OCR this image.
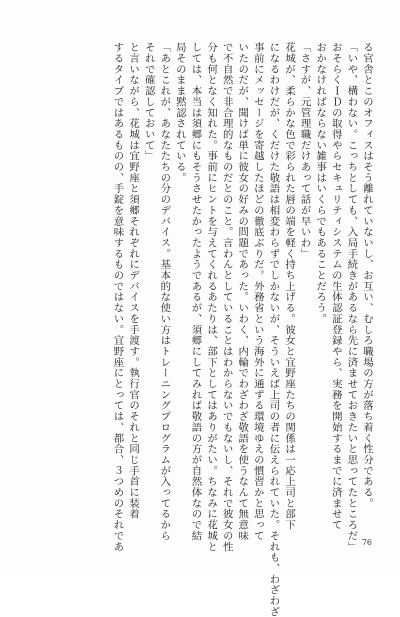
る官舎とこのオフィスはそう離れていないし、お互い、むしろ職場の方が落ち着く性分である。

「いや、構わない。こっちとしても、入局手続きがあるなら先に済ませておきたいと思ってたところだ」

おそらくＩＤの取得やらセキュリティシステムの生体認証登録やら、実務を開始するまでに済ませて

おかなければならない雑事はいくらでもあることだろう。

「さすが、元管理職だけあって話が早いわ」

花城が、柔らかな色で彩られた唇の端を軽く持ち上げる。彼女と宜野座たちの関係は一応上司と部下

になるわけだが、くだけた敬語は相変わらずでしかないが、そういえば上司の者に伝えられていた。それも、わざわざ

事前にメッセージを寄越したほどの徹底ぶりだ。外務省という海外に通ずる環境ゆえの慣習かと思って

いたのだが、聞けば単に彼女の好みの問題であった。いわく、内輪でわざわざ敬語を使うなんて無意味

で不自然で非合理的なものだとのこと。言わんとしていることはわからないでもないし、それで彼女の性

分も何となく知れた。事前にヒントを与えてくれるあたりは、部下としてはありがたい。ちなみに花城と

しては、本当は須郷にもそうさせたかったようであるが、須郷にしてみれば敬語の方が自然体なので結

局そのまま黙認されている。

「あとこれが、あなたたちの分のデバイス。基本的な使い方はトレーニングプログラムが入ってるから

それで確認しておいて」

と言いながら、花城は宜野座と須郷それぞれにデバイスを手渡す。執行官のそれと同じ手首に装着

するタイプではあるものの、手錠を意味するものではない。宜野座にとっては、都合、３つめのそれであ	76
